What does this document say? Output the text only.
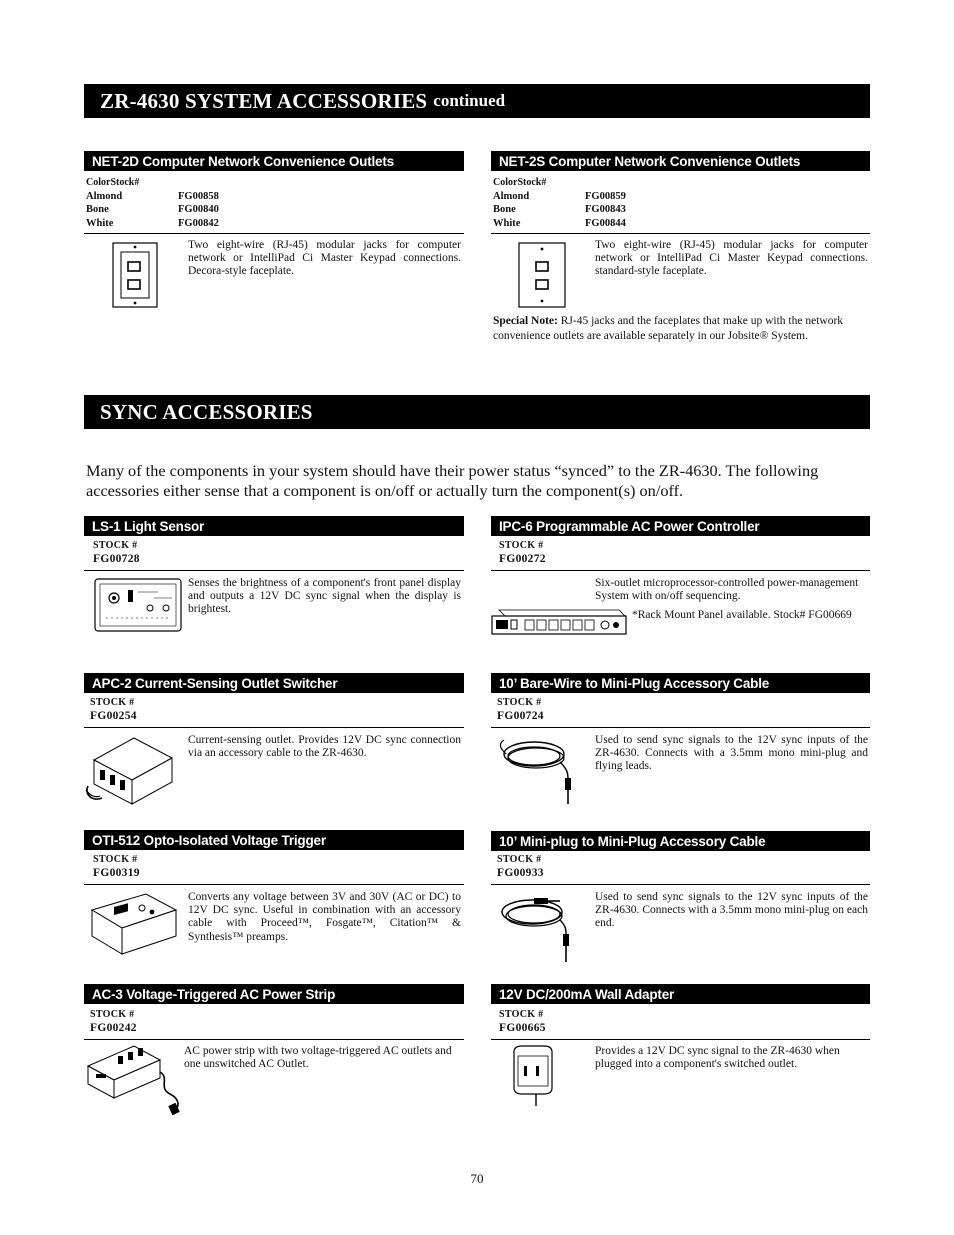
ZR-4630 SYSTEM ACCESSORIES continued
NET-2D Computer Network Convenience Outlets
ColorStock#
Almond	FG00858
Bone	FG00840
White	FG00842
Two eight-wire (RJ-45) modular jacks for computer network or IntelliPad Ci Master Keypad connections. Decora-style faceplate.
NET-2S Computer Network Convenience Outlets
ColorStock#
Almond	FG00859
Bone	FG00843
White	FG00844
Two eight-wire (RJ-45) modular jacks for computer network or IntelliPad Ci Master Keypad connections. standard-style faceplate.
Special Note: RJ-45 jacks and the faceplates that make up with the network convenience outlets are available separately in our Jobsite® System.
SYNC ACCESSORIES
Many of the components in your system should have their power status “synced” to the ZR-4630. The following accessories either sense that a component is on/off or actually turn the component(s) on/off.
LS-1 Light Sensor
STOCK #
FG00728
Senses the brightness of a component's front panel display and outputs a 12V DC sync signal when the display is brightest.
IPC-6 Programmable AC Power Controller
STOCK #
FG00272
Six-outlet microprocessor-controlled power-management System with on/off sequencing.
*Rack Mount Panel available. Stock# FG00669
APC-2 Current-Sensing Outlet Switcher
STOCK #
FG00254
Current-sensing outlet. Provides 12V DC sync connection via an accessory cable to the ZR-4630.
10’ Bare-Wire to Mini-Plug Accessory Cable
STOCK #
FG00724
Used to send sync signals to the 12V sync inputs of the ZR-4630. Connects with a 3.5mm mono mini-plug and flying leads.
OTI-512 Opto-Isolated Voltage Trigger
STOCK #
FG00319
Converts any voltage between 3V and 30V (AC or DC) to 12V DC sync. Useful in combination with an accessory cable with Proceed™, Fosgate™, Citation™ & Synthesis™ preamps.
10’ Mini-plug to Mini-Plug Accessory Cable
STOCK #
FG00933
Used to send sync signals to the 12V sync inputs of the ZR-4630. Connects with a 3.5mm mono mini-plug on each end.
AC-3 Voltage-Triggered AC Power Strip
STOCK #
FG00242
AC power strip with two voltage-triggered AC outlets and one unswitched AC Outlet.
12V DC/200mA Wall Adapter
STOCK #
FG00665
Provides a 12V DC sync signal to the ZR-4630 when plugged into a component's switched outlet.
70
